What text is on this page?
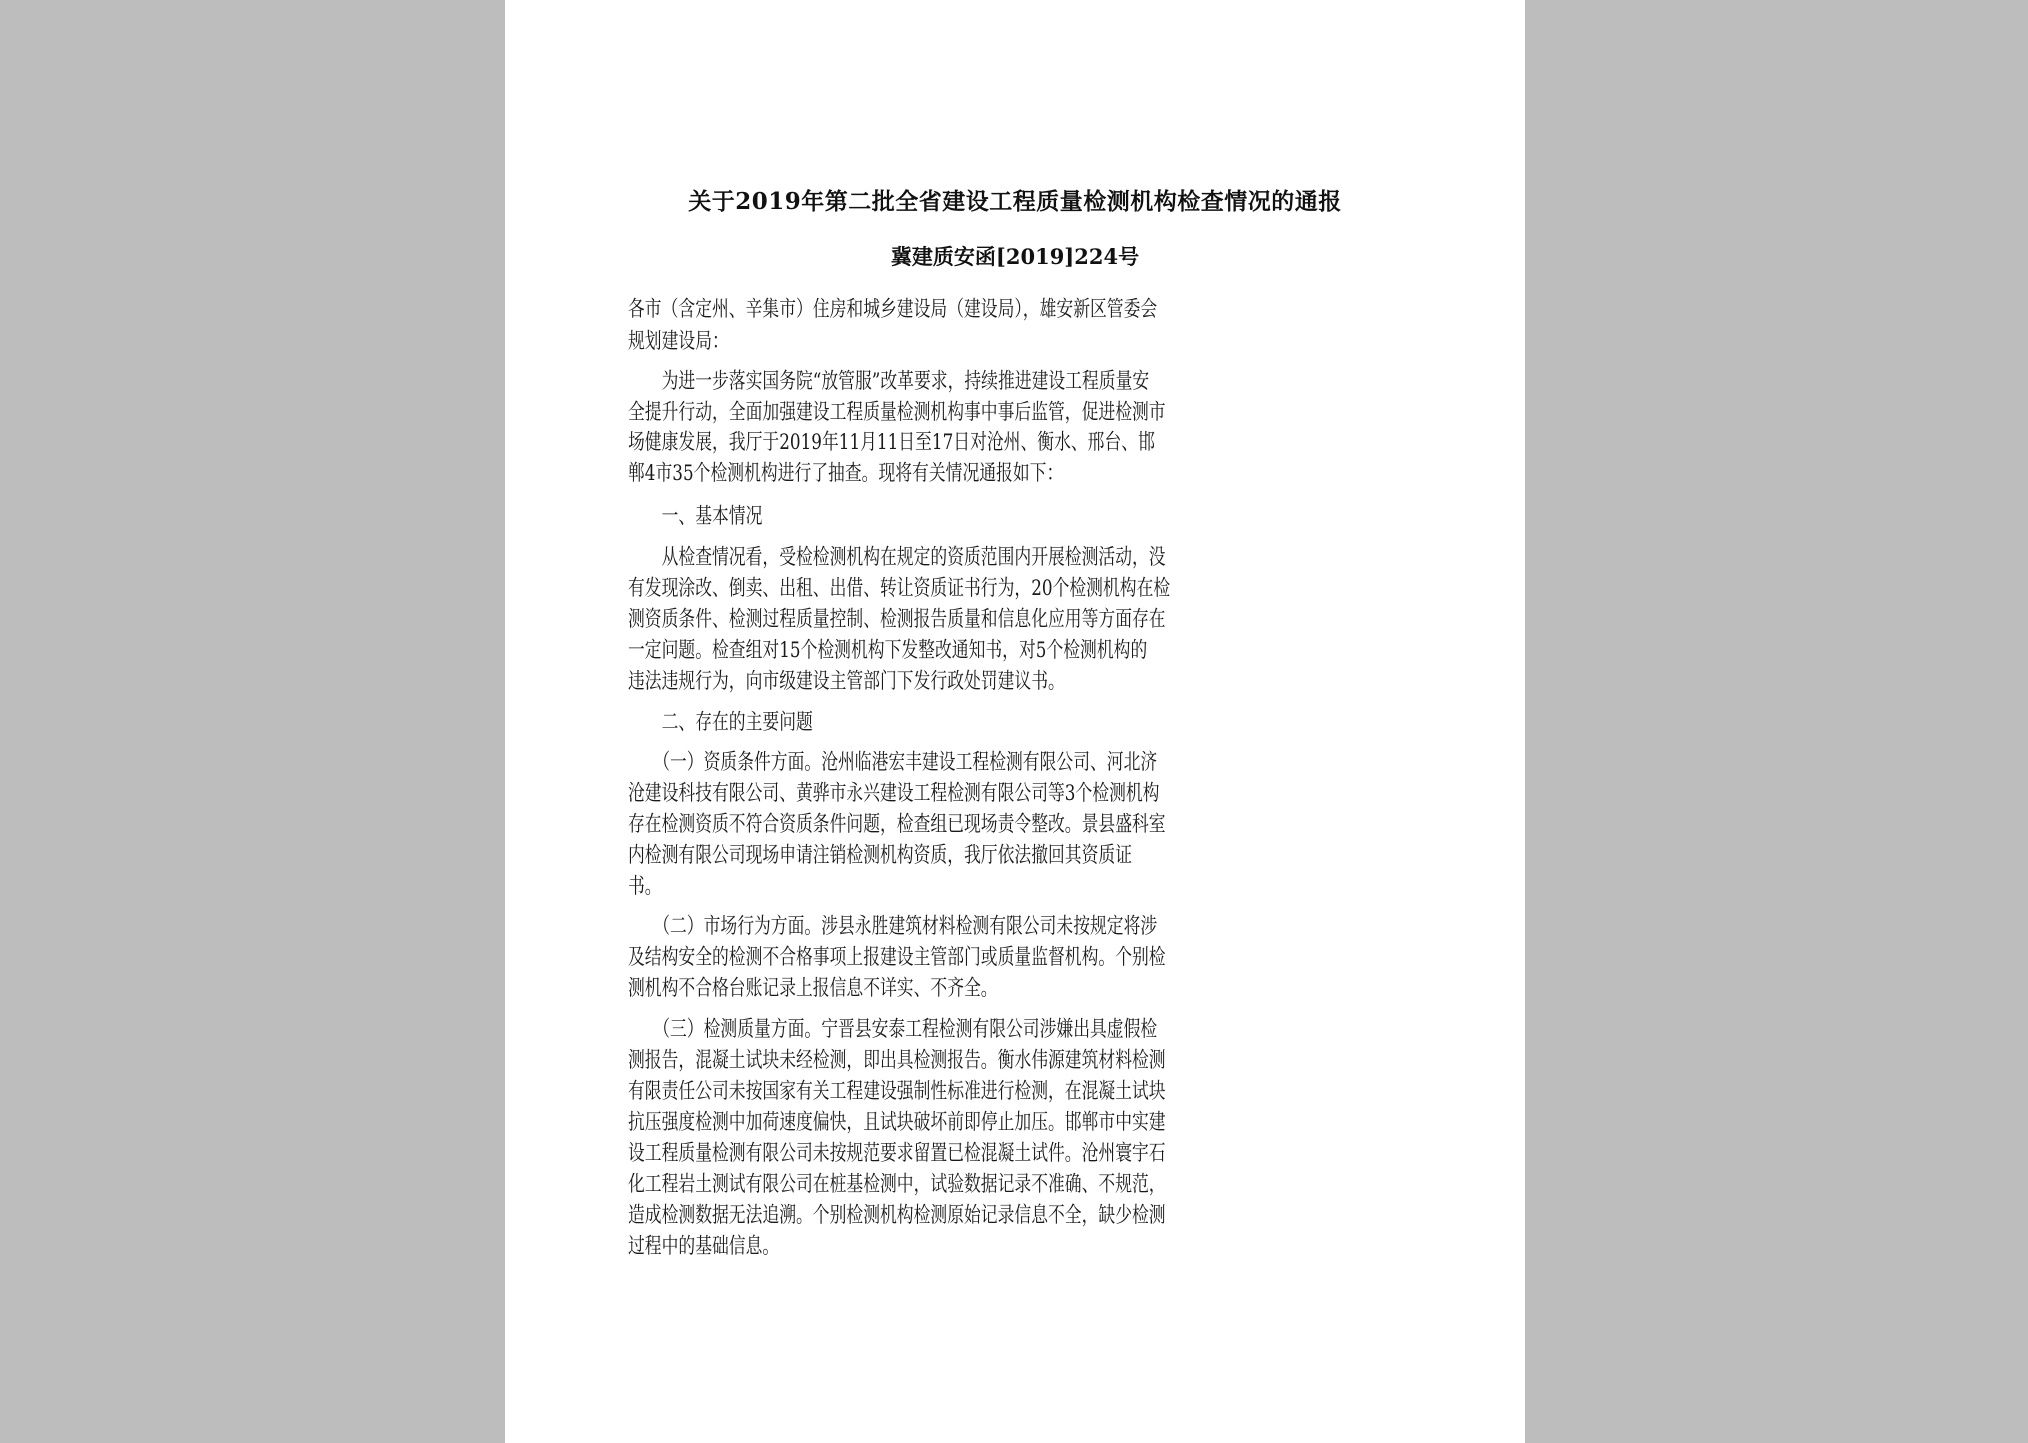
关于2019年第二批全省建设工程质量检测机构检查情况的通报
冀建质安函[2019]224号
各市（含定州、辛集市）住房和城乡建设局（建设局），雄安新区管委会
规划建设局：
　　为进一步落实国务院“放管服”改革要求，持续推进建设工程质量安
全提升行动，全面加强建设工程质量检测机构事中事后监管，促进检测市
场健康发展，我厅于2019年11月11日至17日对沧州、衡水、邢台、邯
郸4市35个检测机构进行了抽查。现将有关情况通报如下：
　　一、基本情况
　　从检查情况看，受检检测机构在规定的资质范围内开展检测活动，没
有发现涂改、倒卖、出租、出借、转让资质证书行为，20个检测机构在检
测资质条件、检测过程质量控制、检测报告质量和信息化应用等方面存在
一定问题。检查组对15个检测机构下发整改通知书，对5个检测机构的
违法违规行为，向市级建设主管部门下发行政处罚建议书。
　　二、存在的主要问题
　　（一）资质条件方面。沧州临港宏丰建设工程检测有限公司、河北济
沧建设科技有限公司、黄骅市永兴建设工程检测有限公司等3个检测机构
存在检测资质不符合资质条件问题，检查组已现场责令整改。景县盛科室
内检测有限公司现场申请注销检测机构资质，我厅依法撤回其资质证
书。
　　（二）市场行为方面。涉县永胜建筑材料检测有限公司未按规定将涉
及结构安全的检测不合格事项上报建设主管部门或质量监督机构。个别检
测机构不合格台账记录上报信息不详实、不齐全。
　　（三）检测质量方面。宁晋县安泰工程检测有限公司涉嫌出具虚假检
测报告，混凝土试块未经检测，即出具检测报告。衡水伟源建筑材料检测
有限责任公司未按国家有关工程建设强制性标准进行检测，在混凝土试块
抗压强度检测中加荷速度偏快，且试块破坏前即停止加压。邯郸市中实建
设工程质量检测有限公司未按规范要求留置已检混凝土试件。沧州寰宇石
化工程岩土测试有限公司在桩基检测中，试验数据记录不准确、不规范，
造成检测数据无法追溯。个别检测机构检测原始记录信息不全，缺少检测
过程中的基础信息。
